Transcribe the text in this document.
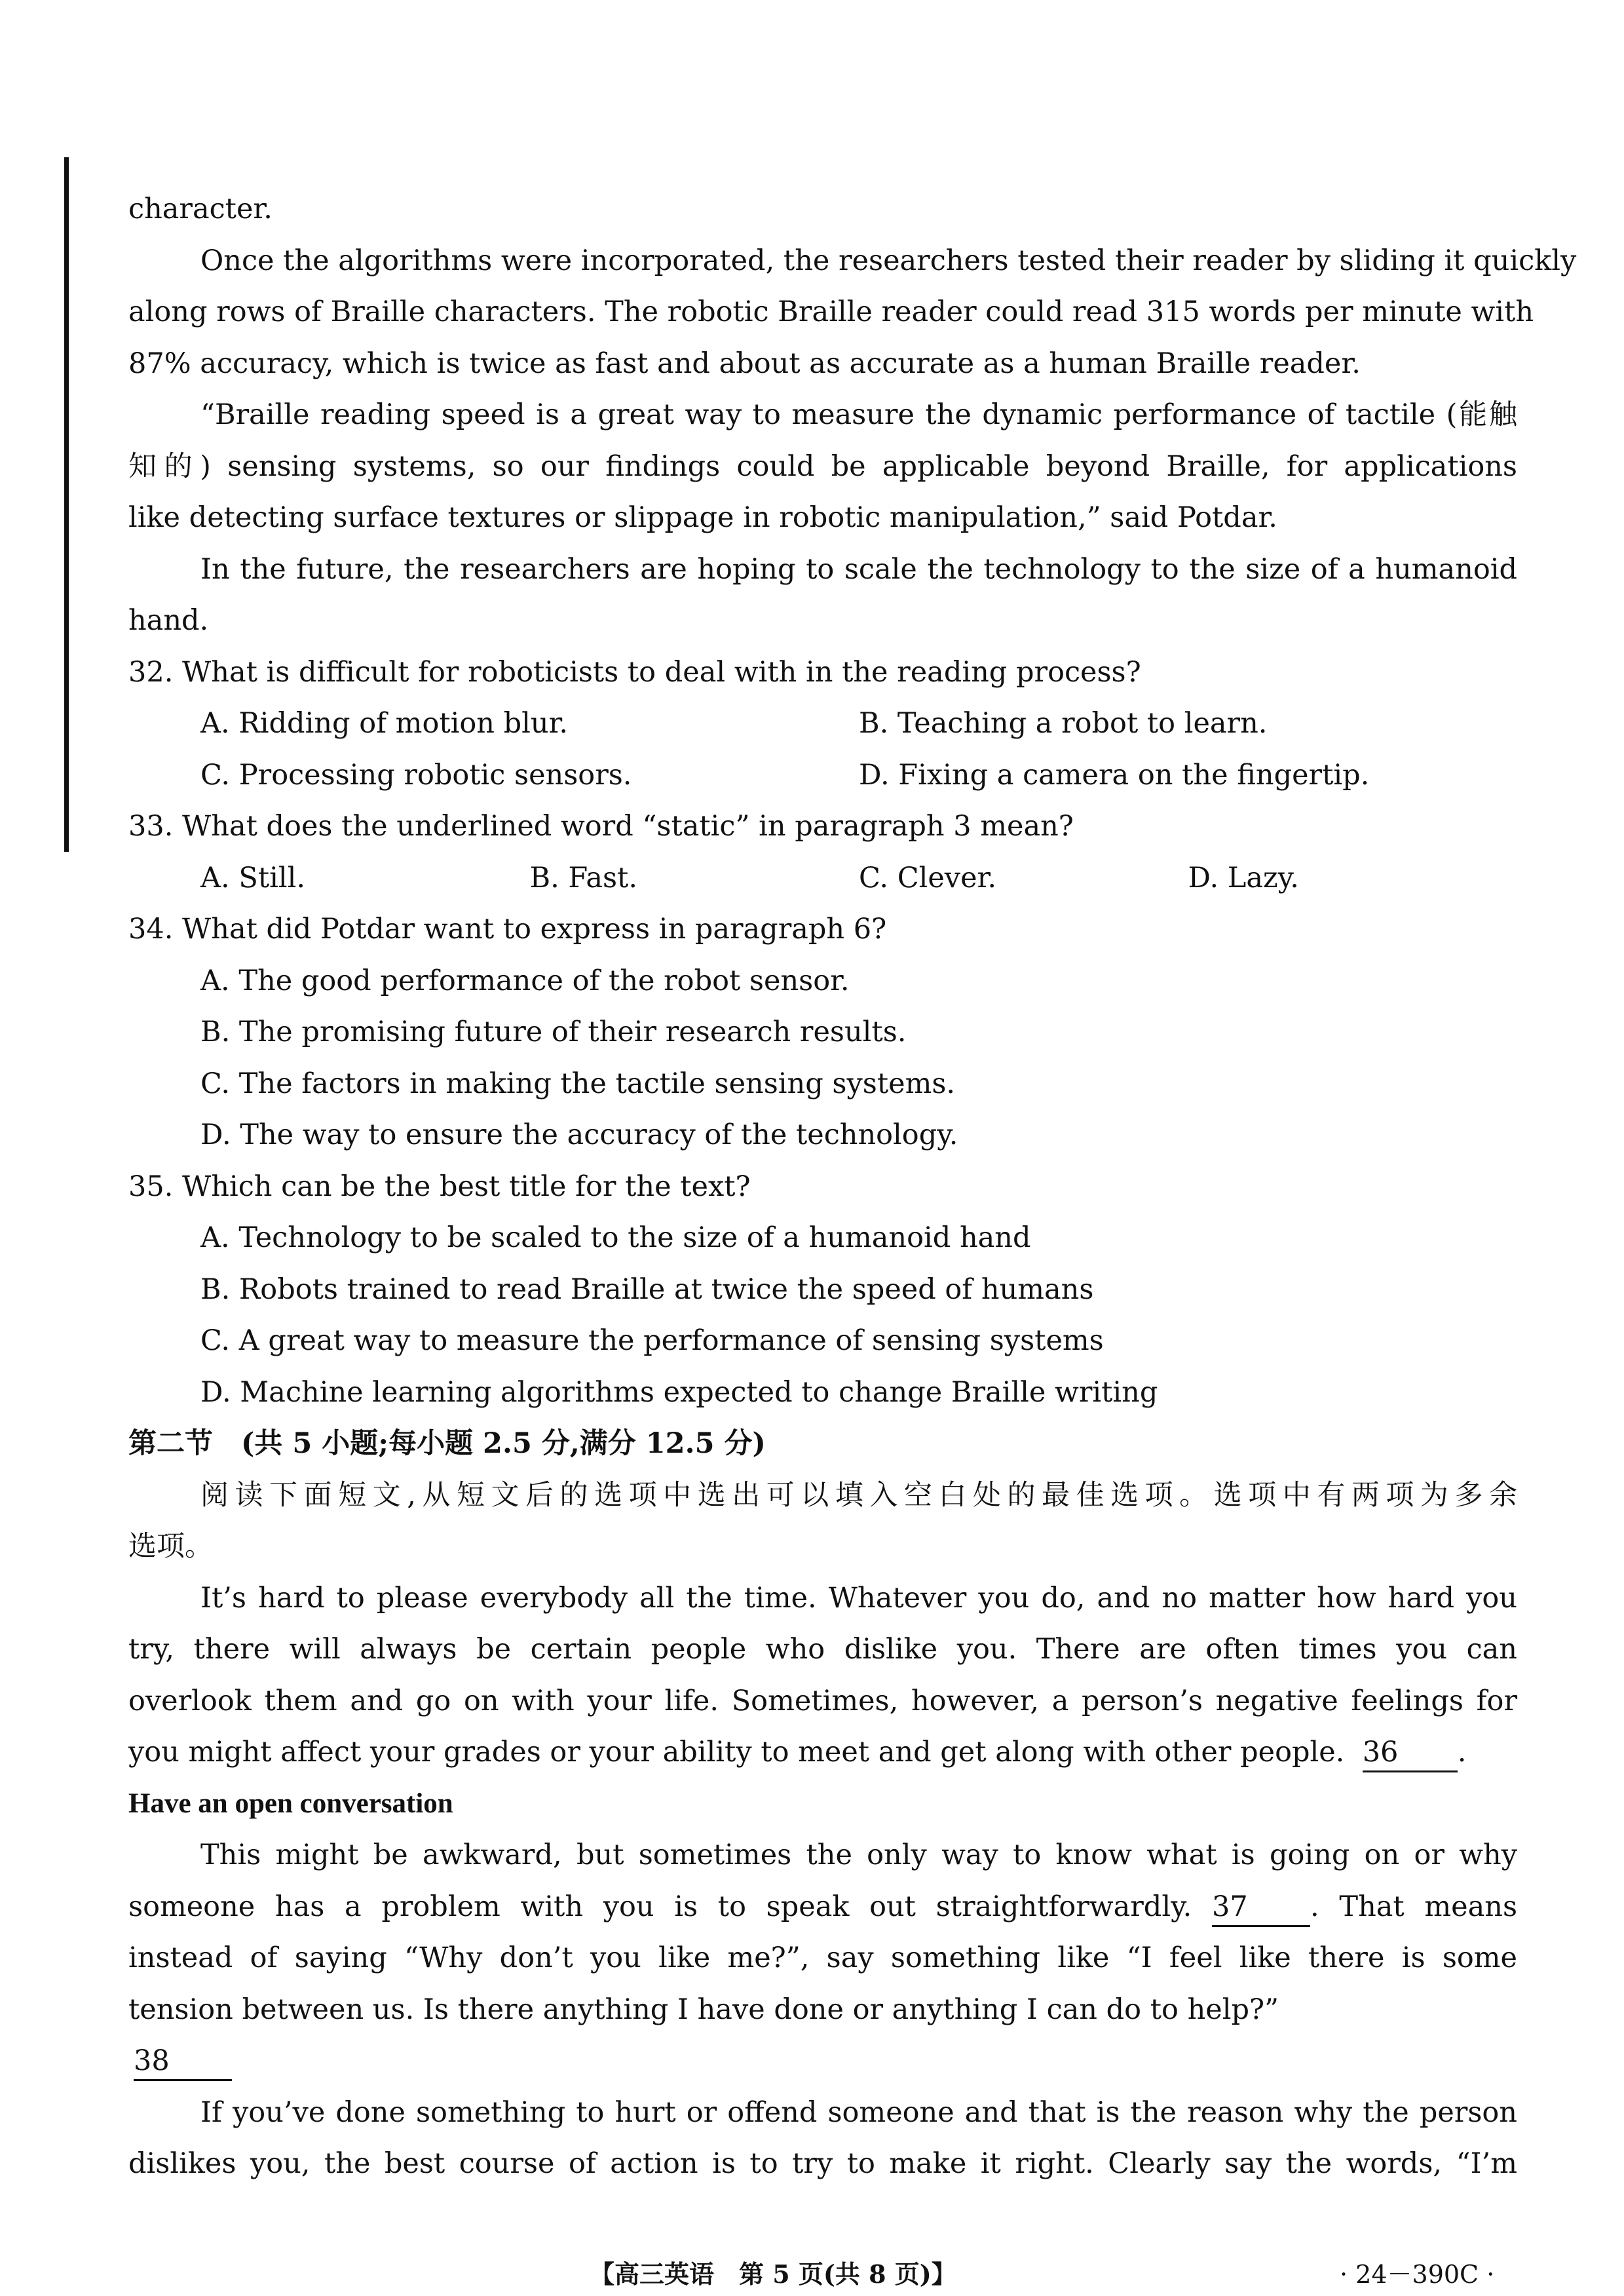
character.

Once the algorithms were incorporated, the researchers tested their reader by sliding it quickly

along rows of Braille characters. The robotic Braille reader could read 315 words per minute with

87% accuracy, which is twice as fast and about as accurate as a human Braille reader.

“Braille reading speed is a great way to measure the dynamic performance of tactile (能触

知的) sensing systems, so our findings could be applicable beyond Braille, for applications

like detecting surface textures or slippage in robotic manipulation,” said Potdar.

In the future, the researchers are hoping to scale the technology to the size of a humanoid

hand.

32. What is difficult for roboticists to deal with in the reading process?

A. Ridding of motion blur.	B. Teaching a robot to learn.
C. Processing robotic sensors.	D. Fixing a camera on the fingertip.

33. What does the underlined word “static” in paragraph 3 mean?

A. Still.	B. Fast.	C. Clever.	D. Lazy.

34. What did Potdar want to express in paragraph 6?

A. The good performance of the robot sensor.

B. The promising future of their research results.

C. The factors in making the tactile sensing systems.

D. The way to ensure the accuracy of the technology.

35. Which can be the best title for the text?

A. Technology to be scaled to the size of a humanoid hand

B. Robots trained to read Braille at twice the speed of humans

C. A great way to measure the performance of sensing systems

D. Machine learning algorithms expected to change Braille writing

第二节　(共 5 小题;每小题 2.5 分,满分 12.5 分)

阅读下面短文,从短文后的选项中选出可以填入空白处的最佳选项。选项中有两项为多余

选项。

It’s hard to please everybody all the time. Whatever you do, and no matter how hard you

try, there will always be certain people who dislike you. There are often times you can

overlook them and go on with your life. Sometimes, however, a person’s negative feelings for

you might affect your grades or your ability to meet and get along with other people. 36 .

Have an open conversation

This might be awkward, but sometimes the only way to know what is going on or why

someone has a problem with you is to speak out straightforwardly. 37 . That means

instead of saying “Why don’t you like me?”, say something like “I feel like there is some

tension between us. Is there anything I have done or anything I can do to help?”

38

If you’ve done something to hurt or offend someone and that is the reason why the person

dislikes you, the best course of action is to try to make it right. Clearly say the words, “I’m

【高三英语　第 5 页(共 8 页)】	· 24－390C ·
